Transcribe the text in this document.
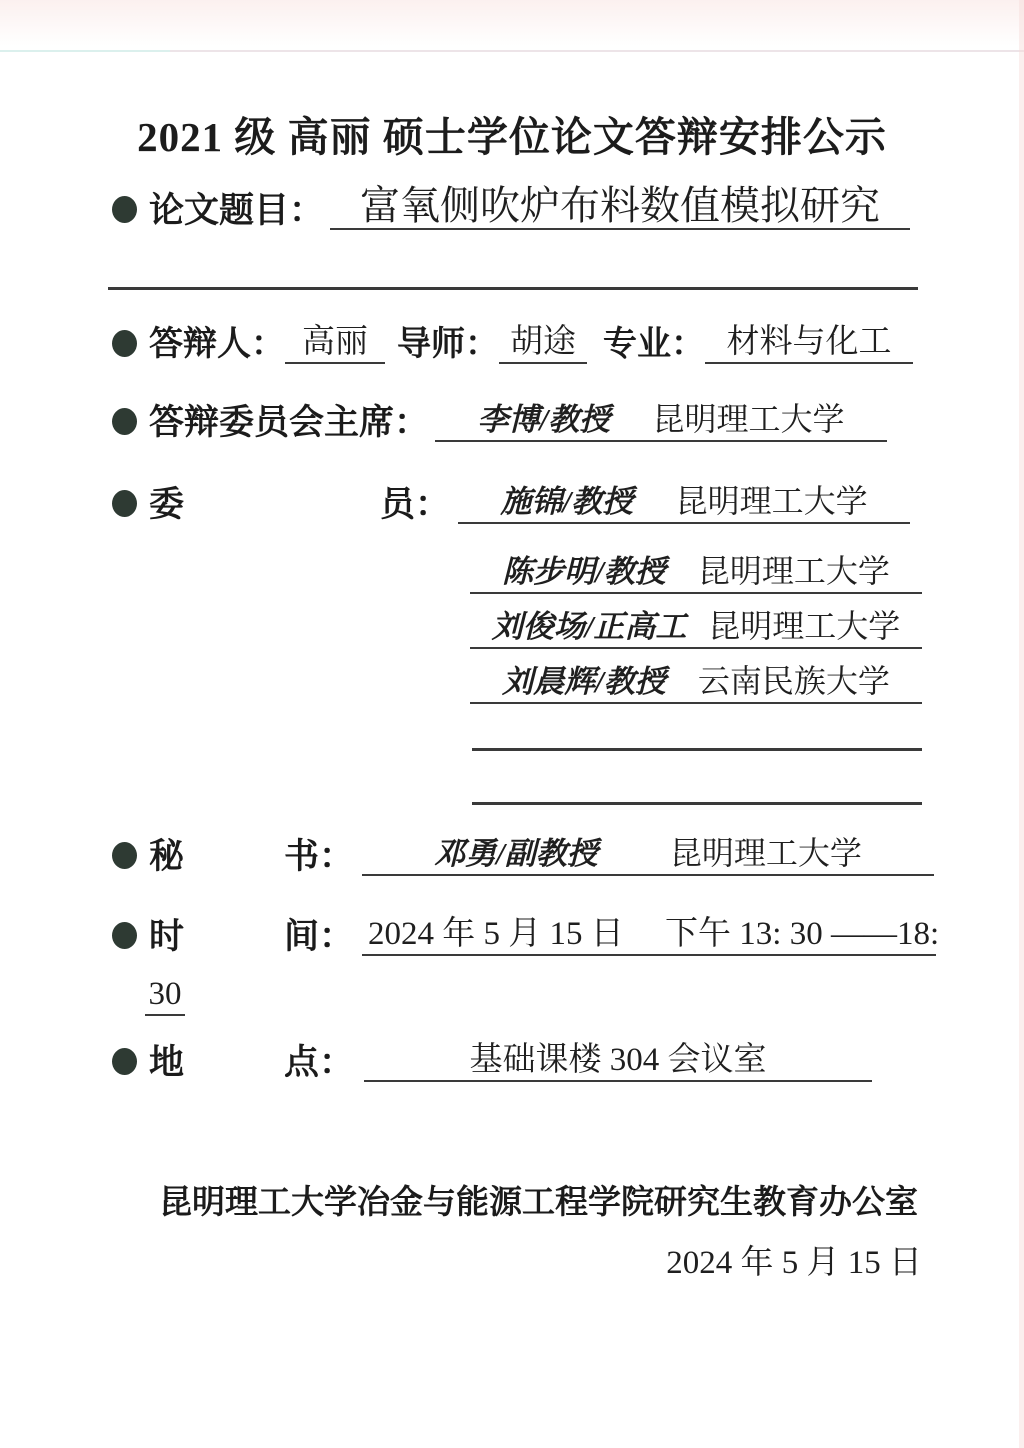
2021 级 高丽 硕士学位论文答辩安排公示
论文题目： 富氧侧吹炉布料数值模拟研究
答辩人： 高丽 导师： 胡途 专业： 材料与化工
答辩委员会主席： 李博/教授 昆明理工大学
委	员： 施锦/教授 昆明理工大学
陈步明/教授 昆明理工大学
刘俊场/正高工 昆明理工大学
刘晨辉/教授 云南民族大学
秘	书：	邓勇/副教授 昆明理工大学
时	间： 2024 年 5 月 15 日　 下午 13: 30 ——18:
30
地	点：	基础课楼 304 会议室
昆明理工大学冶金与能源工程学院研究生教育办公室
2024 年 5 月 15 日
